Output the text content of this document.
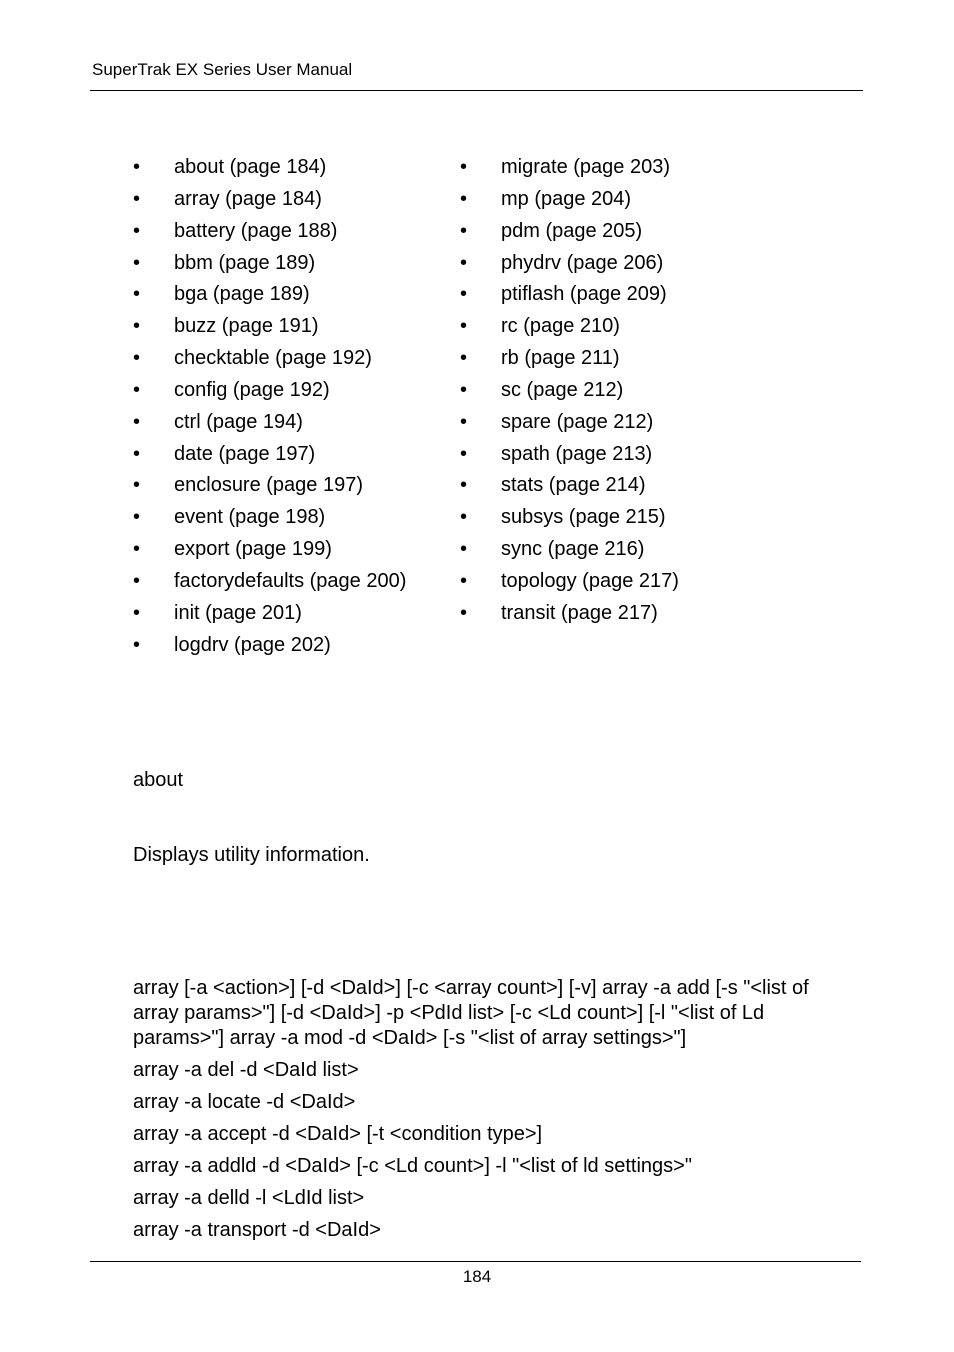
SuperTrak EX Series User Manual
•	about (page 184)
•	array (page 184)
•	battery (page 188)
•	bbm (page 189)
•	bga (page 189)
•	buzz (page 191)
•	checktable (page 192)
•	config (page 192)
•	ctrl (page 194)
•	date (page 197)
•	enclosure (page 197)
•	event (page 198)
•	export (page 199)
•	factorydefaults (page 200)
•	init (page 201)
•	logdrv (page 202)
•	migrate (page 203)
•	mp (page 204)
•	pdm (page 205)
•	phydrv (page 206)
•	ptiflash (page 209)
•	rc (page 210)
•	rb (page 211)
•	sc (page 212)
•	spare (page 212)
•	spath (page 213)
•	stats (page 214)
•	subsys (page 215)
•	sync (page 216)
•	topology (page 217)
•	transit (page 217)
about
Displays utility information.
array [-a <action>] [-d <DaId>] [-c <array count>] [-v] array -a add [-s "<list of array params>"] [-d <DaId>] -p <PdId list> [-c <Ld count>] [-l "<list of Ld params>"] array -a mod -d <DaId> [-s "<list of array settings>"]
array -a del -d <DaId list>
array -a locate -d <DaId>
array -a accept -d <DaId> [-t <condition type>]
array -a addld -d <DaId> [-c <Ld count>] -l "<list of ld settings>"
array -a delld -l <LdId list>
array -a transport -d <DaId>
184
